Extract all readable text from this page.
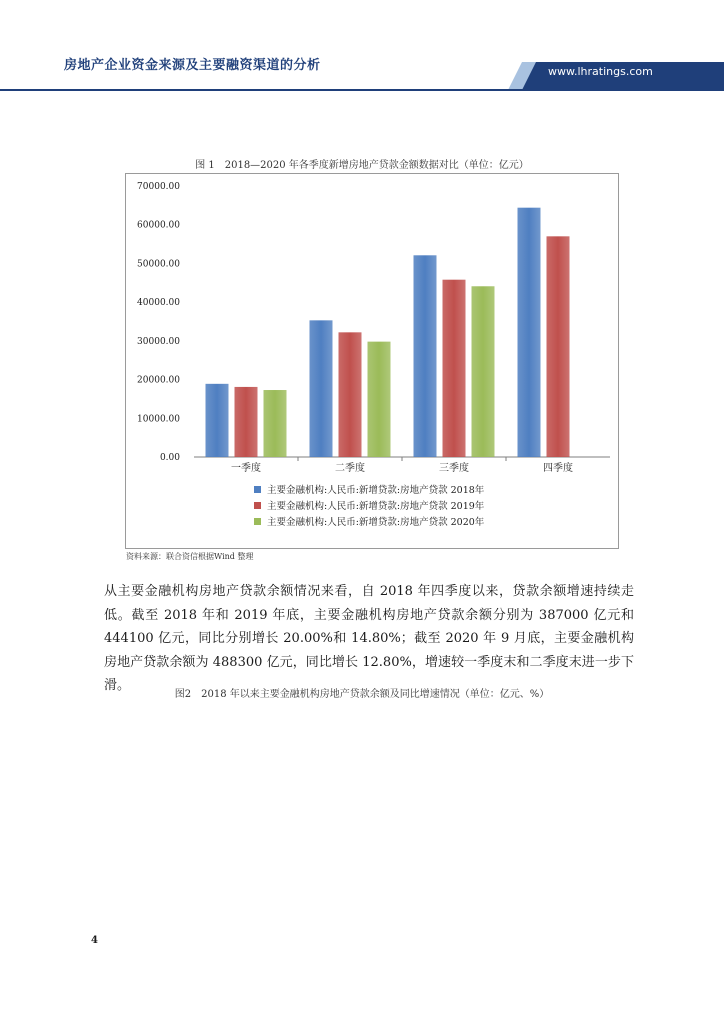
房地产企业资金来源及主要融资渠道的分析	www.lhratings.com
图 1　2018—2020 年各季度新增房地产贷款金额数据对比（单位：亿元）
0.00
10000.00
20000.00
30000.00
40000.00
50000.00
60000.00
70000.00
一季度	二季度	三季度	四季度
主要金融机构:人民币:新增贷款:房地产贷款 2018年
主要金融机构:人民币:新增贷款:房地产贷款 2019年
主要金融机构:人民币:新增贷款:房地产贷款 2020年
资料来源：联合资信根据Wind 整理
从主要金融机构房地产贷款余额情况来看，自 2018 年四季度以来，贷款余额增速持续走低。截至 2018 年和 2019 年底，主要金融机构房地产贷款余额分别为 387000 亿元和 444100 亿元，同比分别增长 20.00%和 14.80%；截至 2020 年 9 月底，主要金融机构房地产贷款余额为 488300 亿元，同比增长 12.80%，增速较一季度末和二季度末进一步下滑。
图2　2018 年以来主要金融机构房地产贷款余额及同比增速情况（单位：亿元、%）
4
